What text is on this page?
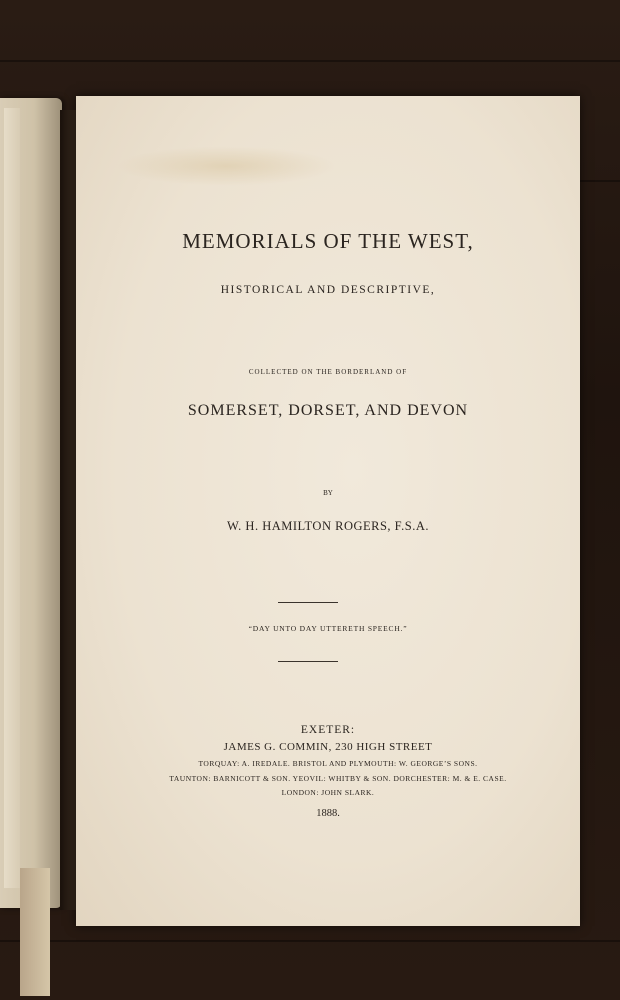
MEMORIALS OF THE WEST,
HISTORICAL AND DESCRIPTIVE,
COLLECTED ON THE BORDERLAND OF
SOMERSET, DORSET, AND DEVON
BY
W. H. HAMILTON ROGERS, F.S.A.
“DAY UNTO DAY UTTERETH SPEECH.”
EXETER:
JAMES G. COMMIN, 230 HIGH STREET
TORQUAY: A. IREDALE. BRISTOL AND PLYMOUTH: W. GEORGE’S SONS.
TAUNTON: BARNICOTT & SON. YEOVIL: WHITBY & SON. DORCHESTER: M. & E. CASE.
LONDON: JOHN SLARK.
1888.
